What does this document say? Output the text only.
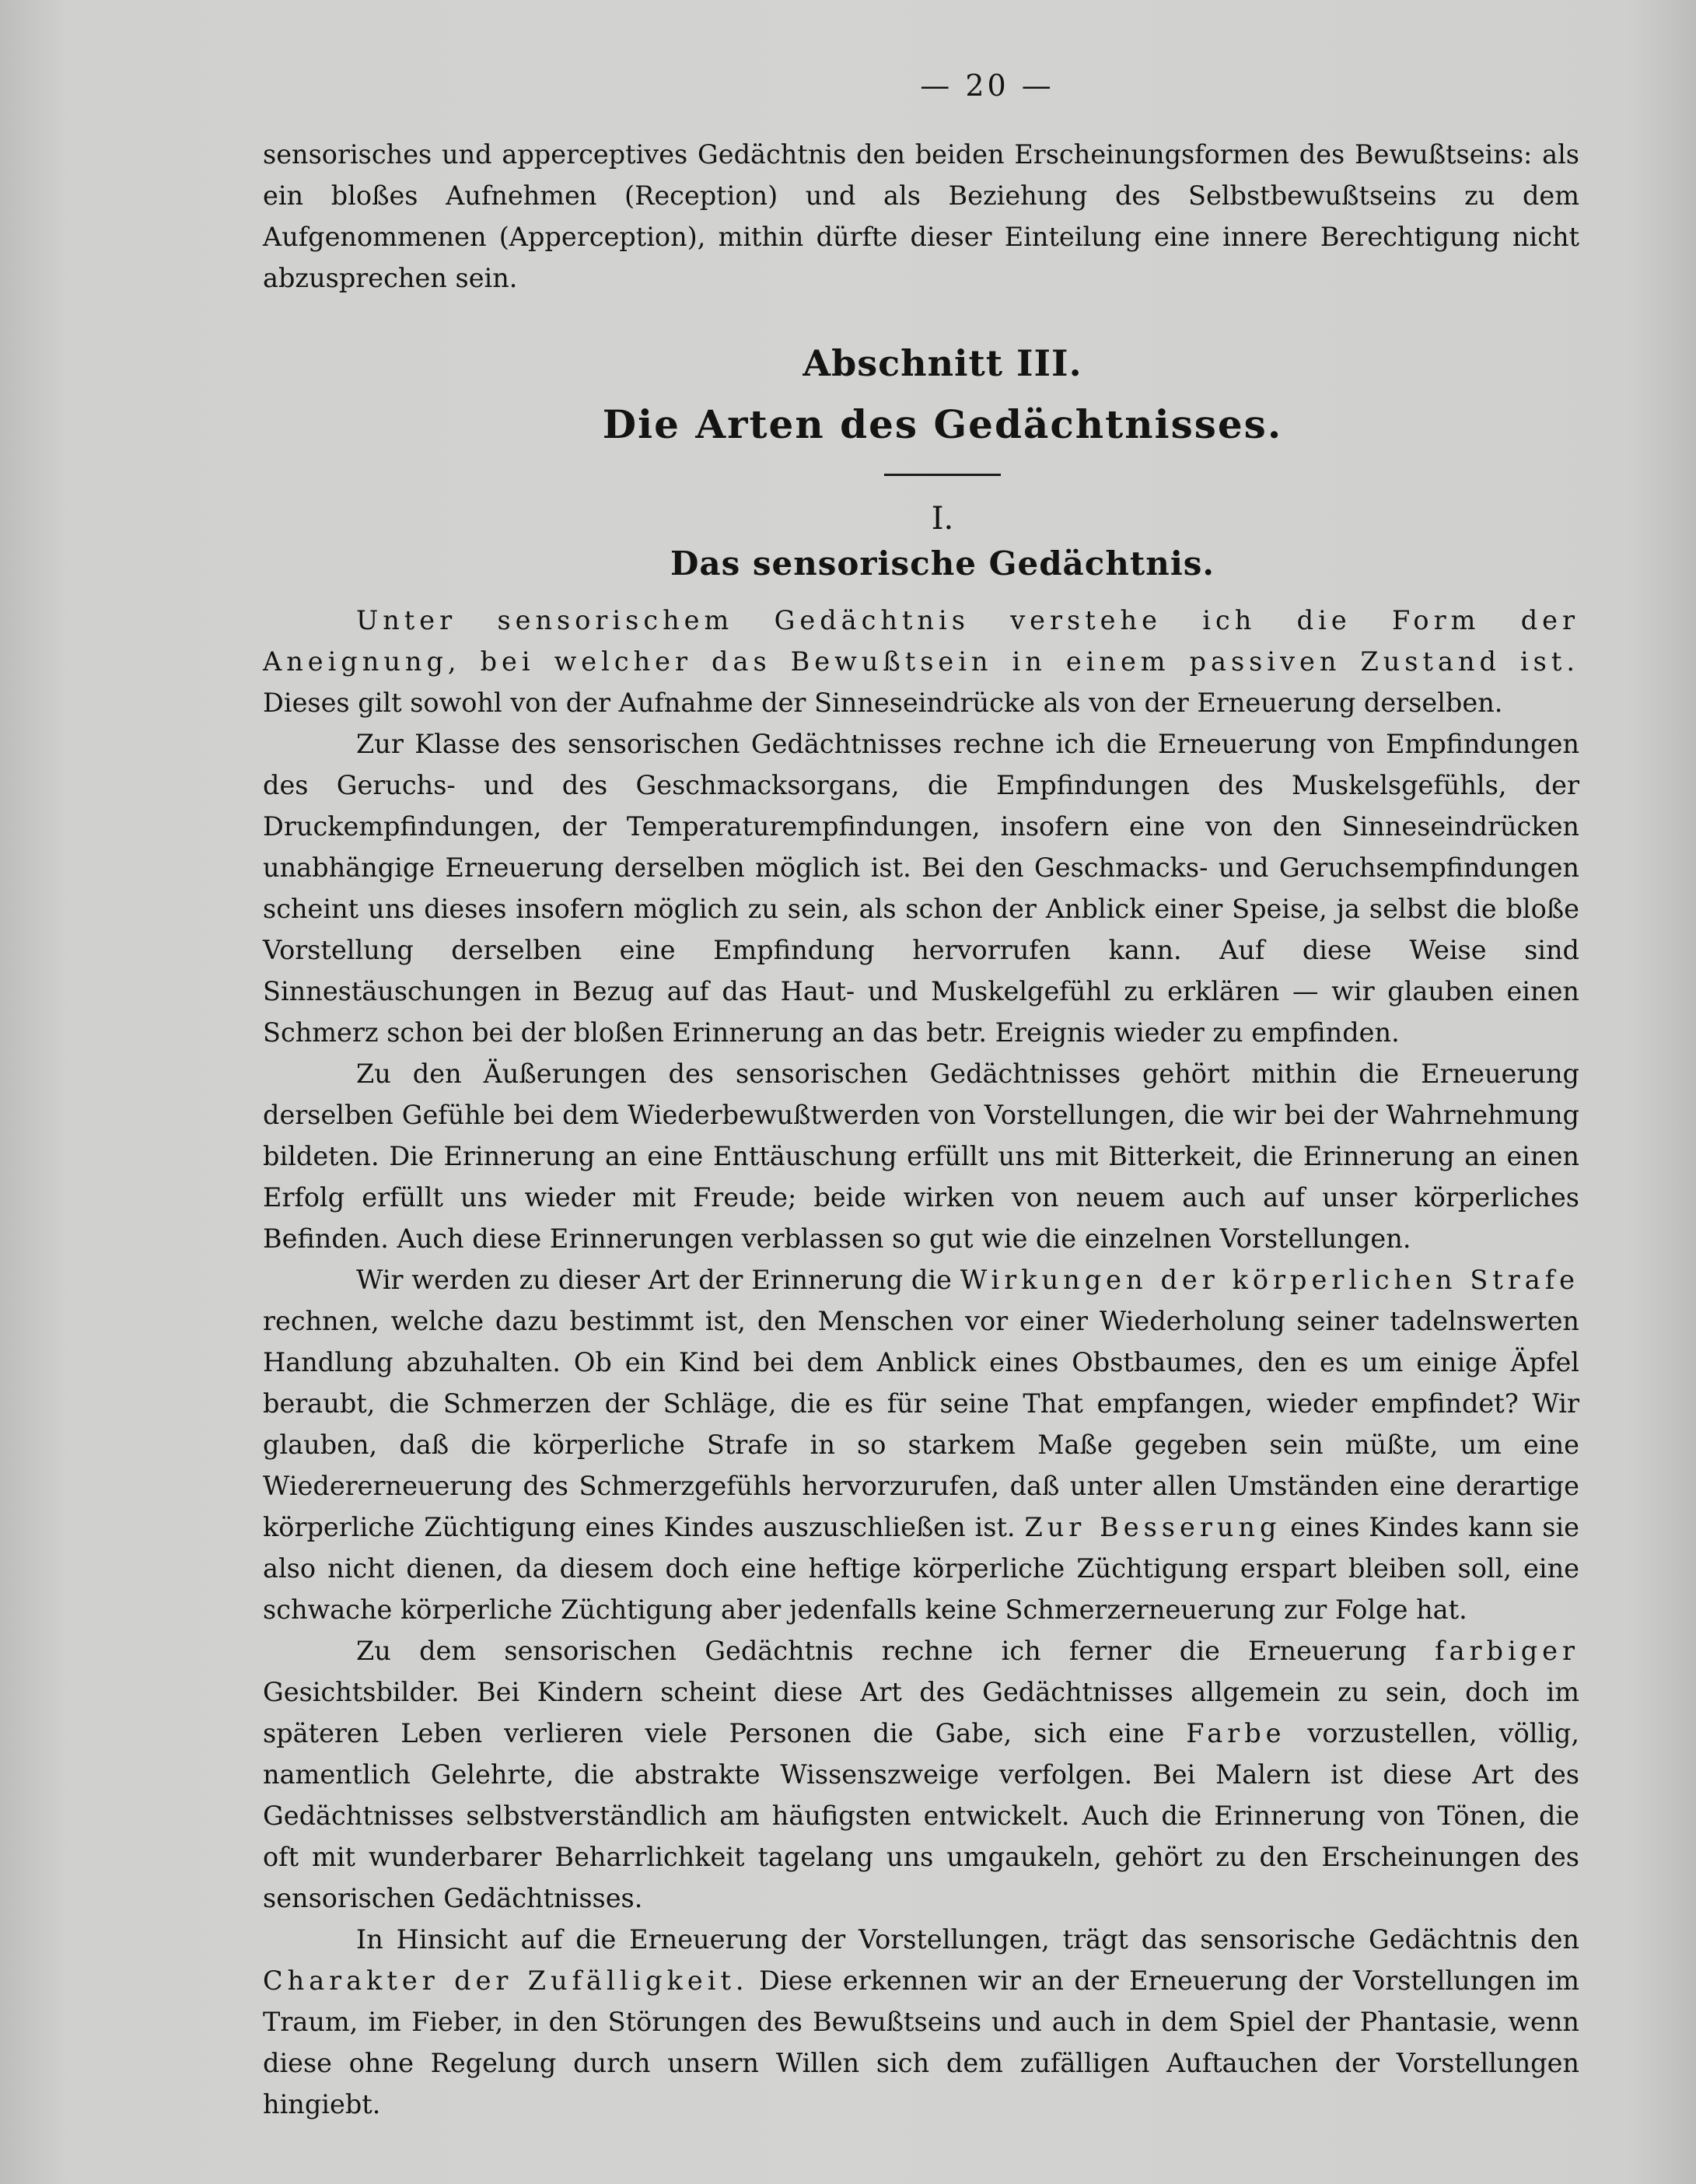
— 20 —

sensorisches und apperceptives Gedächtnis den beiden Erscheinungsformen des Bewußtseins: als ein bloßes Aufnehmen (Reception) und als Beziehung des Selbstbewußtseins zu dem Aufgenommenen (Apperception), mithin dürfte dieser Einteilung eine innere Berechtigung nicht abzusprechen sein.

Abschnitt III.
Die Arten des Gedächtnisses.
I.
Das sensorische Gedächtnis.

Unter sensorischem Gedächtnis verstehe ich die Form der Aneignung, bei welcher das Bewußtsein in einem passiven Zustand ist. Dieses gilt sowohl von der Aufnahme der Sinneseindrücke als von der Erneuerung derselben.

Zur Klasse des sensorischen Gedächtnisses rechne ich die Erneuerung von Empfindungen des Geruchs- und des Geschmacksorgans, die Empfindungen des Muskelsgefühls, der Druckempfindungen, der Temperaturempfindungen, insofern eine von den Sinneseindrücken unabhängige Erneuerung derselben möglich ist. Bei den Geschmacks- und Geruchsempfindungen scheint uns dieses insofern möglich zu sein, als schon der Anblick einer Speise, ja selbst die bloße Vorstellung derselben eine Empfindung hervorrufen kann. Auf diese Weise sind Sinnestäuschungen in Bezug auf das Haut- und Muskelgefühl zu erklären — wir glauben einen Schmerz schon bei der bloßen Erinnerung an das betr. Ereignis wieder zu empfinden.

Zu den Äußerungen des sensorischen Gedächtnisses gehört mithin die Erneuerung derselben Gefühle bei dem Wiederbewußtwerden von Vorstellungen, die wir bei der Wahrnehmung bildeten. Die Erinnerung an eine Enttäuschung erfüllt uns mit Bitterkeit, die Erinnerung an einen Erfolg erfüllt uns wieder mit Freude; beide wirken von neuem auch auf unser körperliches Befinden. Auch diese Erinnerungen verblassen so gut wie die einzelnen Vorstellungen.

Wir werden zu dieser Art der Erinnerung die Wirkungen der körperlichen Strafe rechnen, welche dazu bestimmt ist, den Menschen vor einer Wiederholung seiner tadelnswerten Handlung abzuhalten. Ob ein Kind bei dem Anblick eines Obstbaumes, den es um einige Äpfel beraubt, die Schmerzen der Schläge, die es für seine That empfangen, wieder empfindet? Wir glauben, daß die körperliche Strafe in so starkem Maße gegeben sein müßte, um eine Wiedererneuerung des Schmerzgefühls hervorzurufen, daß unter allen Umständen eine derartige körperliche Züchtigung eines Kindes auszuschließen ist. Zur Besserung eines Kindes kann sie also nicht dienen, da diesem doch eine heftige körperliche Züchtigung erspart bleiben soll, eine schwache körperliche Züchtigung aber jedenfalls keine Schmerzerneuerung zur Folge hat.

Zu dem sensorischen Gedächtnis rechne ich ferner die Erneuerung farbiger Gesichtsbilder. Bei Kindern scheint diese Art des Gedächtnisses allgemein zu sein, doch im späteren Leben verlieren viele Personen die Gabe, sich eine Farbe vorzustellen, völlig, namentlich Gelehrte, die abstrakte Wissenszweige verfolgen. Bei Malern ist diese Art des Gedächtnisses selbstverständlich am häufigsten entwickelt. Auch die Erinnerung von Tönen, die oft mit wunderbarer Beharrlichkeit tagelang uns umgaukeln, gehört zu den Erscheinungen des sensorischen Gedächtnisses.

In Hinsicht auf die Erneuerung der Vorstellungen, trägt das sensorische Gedächtnis den Charakter der Zufälligkeit. Diese erkennen wir an der Erneuerung der Vorstellungen im Traum, im Fieber, in den Störungen des Bewußtseins und auch in dem Spiel der Phantasie, wenn diese ohne Regelung durch unsern Willen sich dem zufälligen Auftauchen der Vorstellungen hingiebt.
